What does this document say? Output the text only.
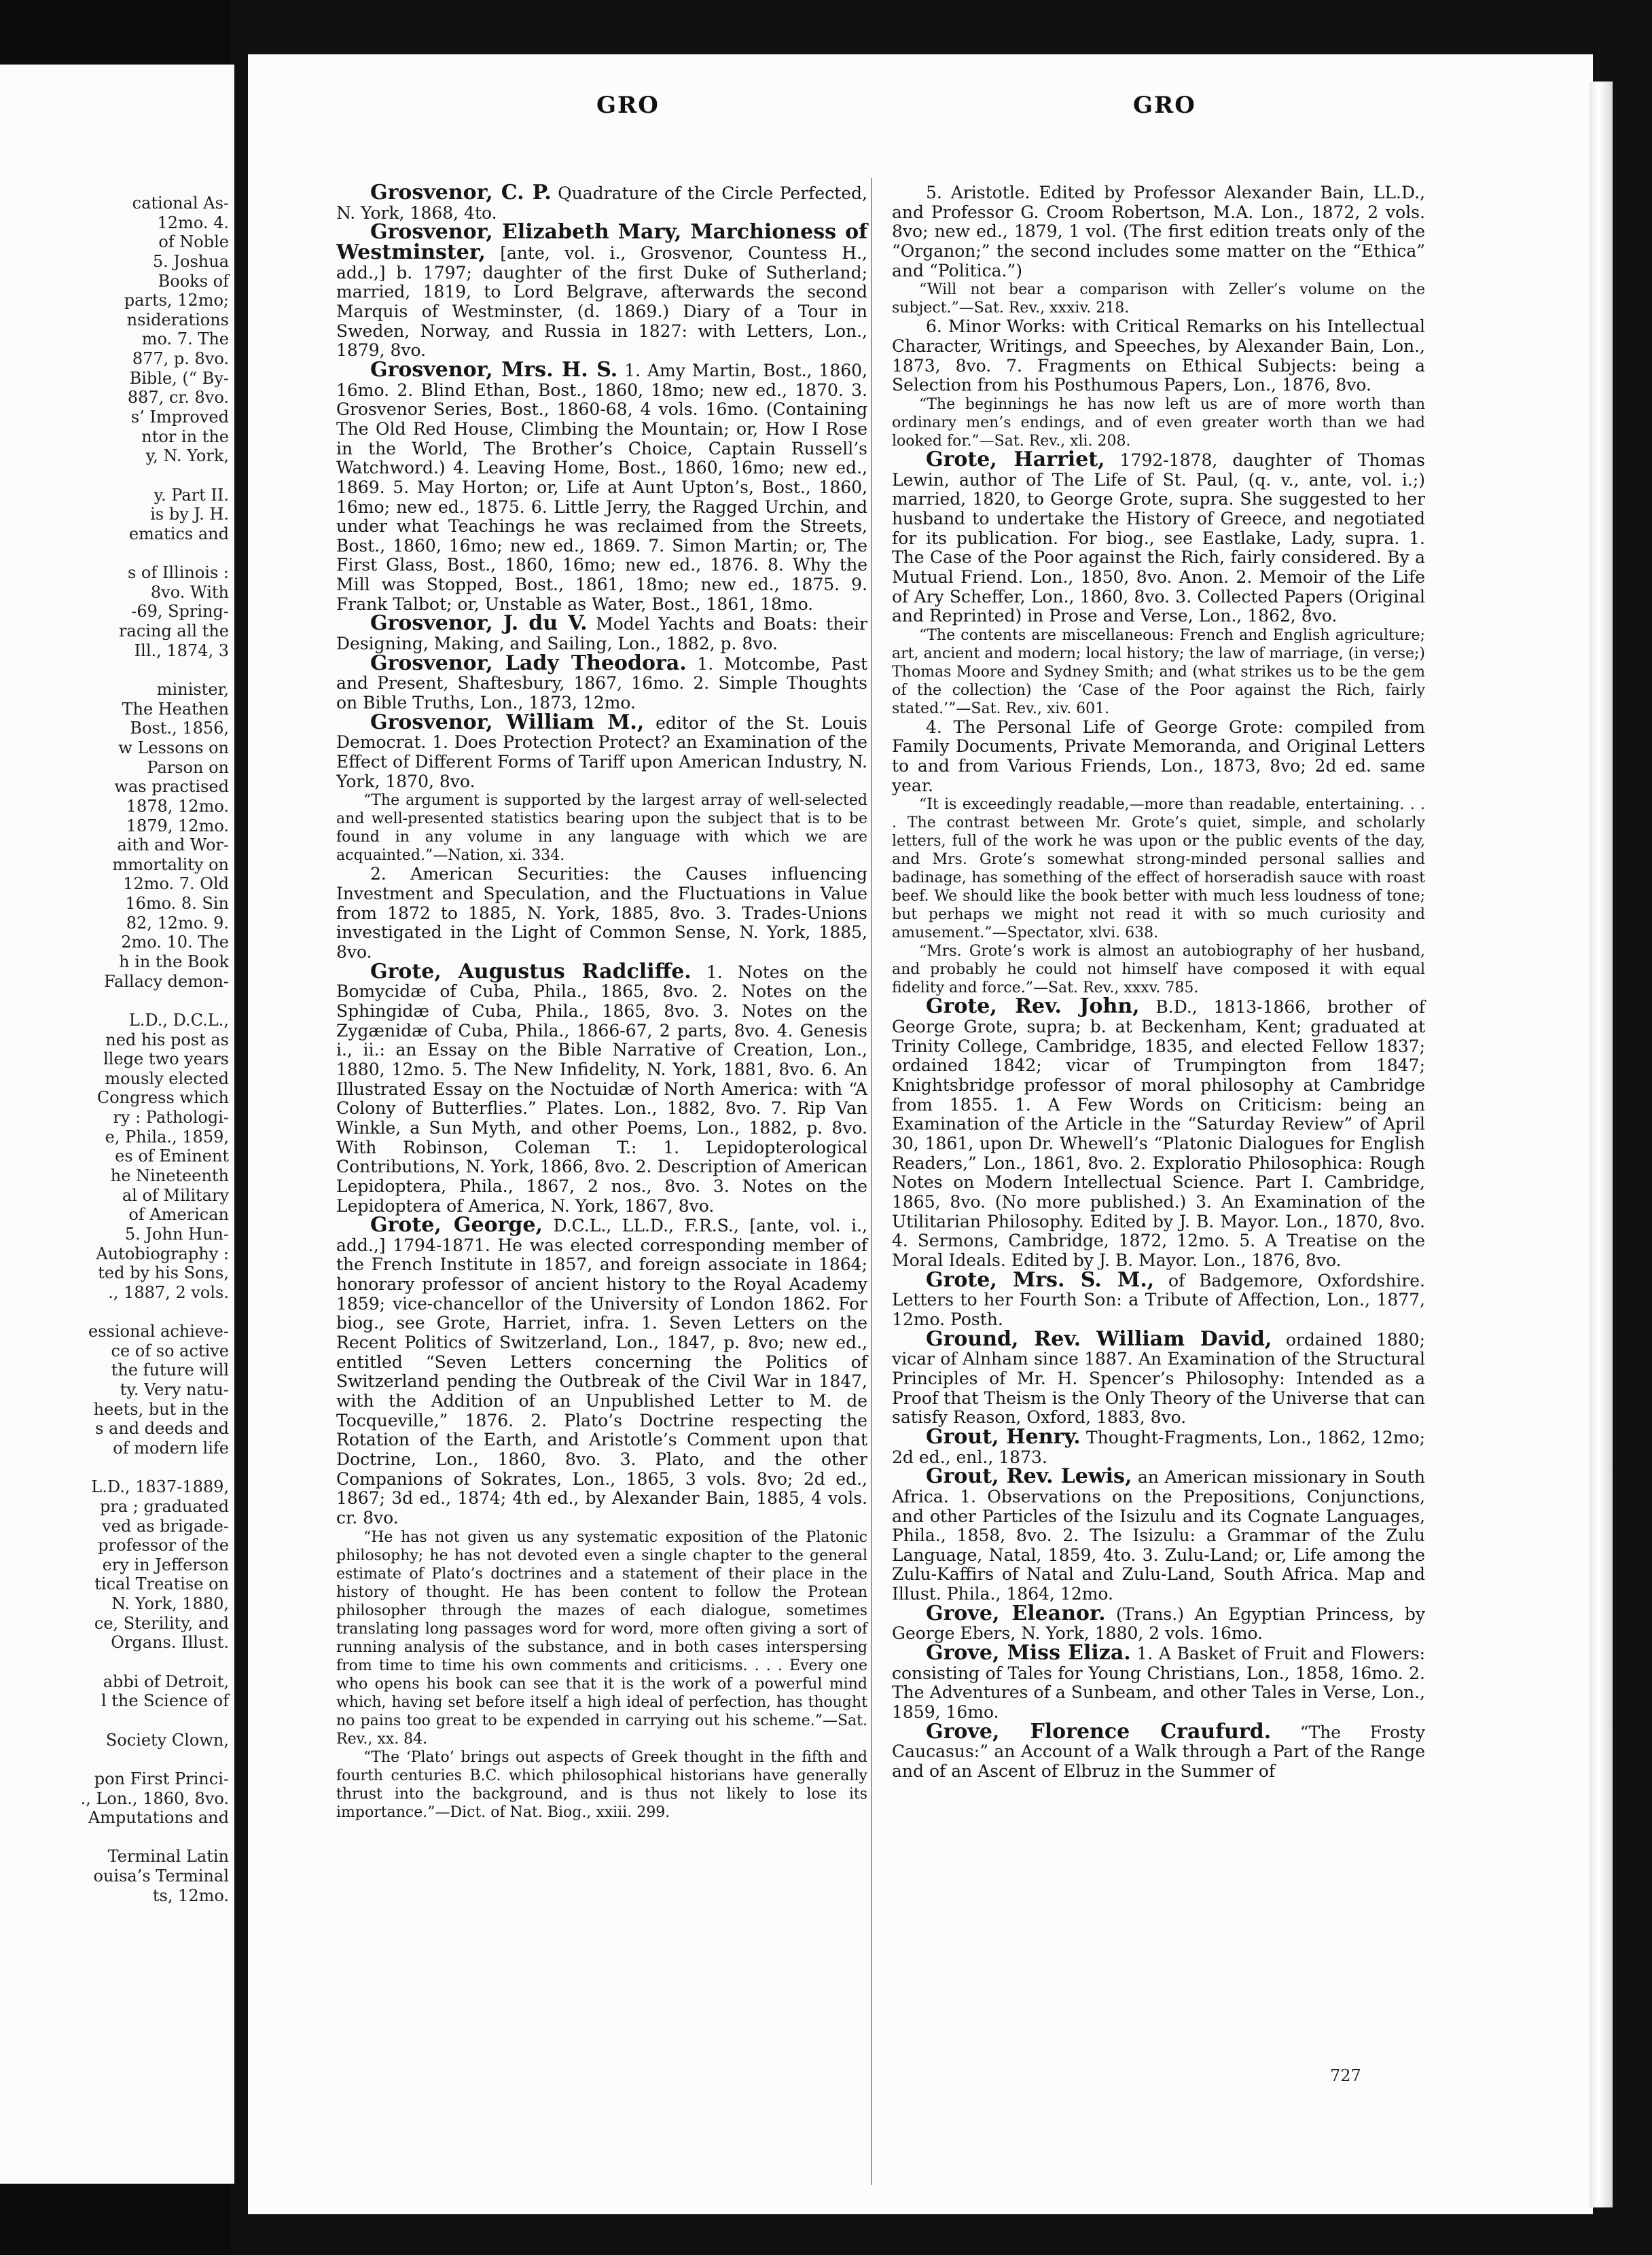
cational As-
12mo. 4.
of Noble
5. Joshua
Books of
parts, 12mo;
nsiderations
mo. 7. The
877, p. 8vo.
Bible, (“ By-
887, cr. 8vo.
s’ Improved
ntor in the
y, N. York,
y. Part II.
is by J. H.
ematics and
s of Illinois :
8vo. With
-69, Spring-
racing all the
Ill., 1874, 3
minister,
The Heathen
Bost., 1856,
w Lessons on
Parson on
was practised
1878, 12mo.
1879, 12mo.
aith and Wor-
mmortality on
12mo. 7. Old
16mo. 8. Sin
82, 12mo. 9.
2mo. 10. The
h in the Book
Fallacy demon-
L.D., D.C.L.,
ned his post as
llege two years
mously elected
Congress which
ry : Pathologi-
e, Phila., 1859,
es of Eminent
he Nineteenth
al of Military
of American
5. John Hun-
Autobiography :
ted by his Sons,
., 1887, 2 vols.
essional achieve-
ce of so active
the future will
ty. Very natu-
heets, but in the
s and deeds and
of modern life
L.D., 1837-1889,
pra ; graduated
ved as brigade-
professor of the
ery in Jefferson
tical Treatise on
N. York, 1880,
ce, Sterility, and
Organs. Illust.
abbi of Detroit,
l the Science of
Society Clown,
pon First Princi-
., Lon., 1860, 8vo.
Amputations and
Terminal Latin
ouisa’s Terminal
ts, 12mo.
GRO	GRO

Grosvenor, C. P. Quadrature of the Circle Perfected, N. York, 1868, 4to.

Grosvenor, Elizabeth Mary, Marchioness of Westminster, [ante, vol. i., Grosvenor, Countess H., add.,] b. 1797; daughter of the first Duke of Sutherland; married, 1819, to Lord Belgrave, afterwards the second Marquis of Westminster, (d. 1869.) Diary of a Tour in Sweden, Norway, and Russia in 1827: with Letters, Lon., 1879, 8vo.

Grosvenor, Mrs. H. S. 1. Amy Martin, Bost., 1860, 16mo. 2. Blind Ethan, Bost., 1860, 18mo; new ed., 1870. 3. Grosvenor Series, Bost., 1860-68, 4 vols. 16mo. (Containing The Old Red House, Climbing the Mountain; or, How I Rose in the World, The Brother’s Choice, Captain Russell’s Watchword.) 4. Leaving Home, Bost., 1860, 16mo; new ed., 1869. 5. May Horton; or, Life at Aunt Upton’s, Bost., 1860, 16mo; new ed., 1875. 6. Little Jerry, the Ragged Urchin, and under what Teachings he was reclaimed from the Streets, Bost., 1860, 16mo; new ed., 1869. 7. Simon Martin; or, The First Glass, Bost., 1860, 16mo; new ed., 1876. 8. Why the Mill was Stopped, Bost., 1861, 18mo; new ed., 1875. 9. Frank Talbot; or, Unstable as Water, Bost., 1861, 18mo.

Grosvenor, J. du V. Model Yachts and Boats: their Designing, Making, and Sailing, Lon., 1882, p. 8vo.

Grosvenor, Lady Theodora. 1. Motcombe, Past and Present, Shaftesbury, 1867, 16mo. 2. Simple Thoughts on Bible Truths, Lon., 1873, 12mo.

Grosvenor, William M., editor of the St. Louis Democrat. 1. Does Protection Protect? an Examination of the Effect of Different Forms of Tariff upon American Industry, N. York, 1870, 8vo.

“The argument is supported by the largest array of well-selected and well-presented statistics bearing upon the subject that is to be found in any volume in any language with which we are acquainted.”—Nation, xi. 334.

2. American Securities: the Causes influencing Investment and Speculation, and the Fluctuations in Value from 1872 to 1885, N. York, 1885, 8vo. 3. Trades-Unions investigated in the Light of Common Sense, N. York, 1885, 8vo.

Grote, Augustus Radcliffe. 1. Notes on the Bomycidæ of Cuba, Phila., 1865, 8vo. 2. Notes on the Sphingidæ of Cuba, Phila., 1865, 8vo. 3. Notes on the Zygænidæ of Cuba, Phila., 1866-67, 2 parts, 8vo. 4. Genesis i., ii.: an Essay on the Bible Narrative of Creation, Lon., 1880, 12mo. 5. The New Infidelity, N. York, 1881, 8vo. 6. An Illustrated Essay on the Noctuidæ of North America: with “A Colony of Butterflies.” Plates. Lon., 1882, 8vo. 7. Rip Van Winkle, a Sun Myth, and other Poems, Lon., 1882, p. 8vo. With Robinson, Coleman T.: 1. Lepidopterological Contributions, N. York, 1866, 8vo. 2. Description of American Lepidoptera, Phila., 1867, 2 nos., 8vo. 3. Notes on the Lepidoptera of America, N. York, 1867, 8vo.

Grote, George, D.C.L., LL.D., F.R.S., [ante, vol. i., add.,] 1794-1871. He was elected corresponding member of the French Institute in 1857, and foreign associate in 1864; honorary professor of ancient history to the Royal Academy 1859; vice-chancellor of the University of London 1862. For biog., see Grote, Harriet, infra. 1. Seven Letters on the Recent Politics of Switzerland, Lon., 1847, p. 8vo; new ed., entitled “Seven Letters concerning the Politics of Switzerland pending the Outbreak of the Civil War in 1847, with the Addition of an Unpublished Letter to M. de Tocqueville,” 1876. 2. Plato’s Doctrine respecting the Rotation of the Earth, and Aristotle’s Comment upon that Doctrine, Lon., 1860, 8vo. 3. Plato, and the other Companions of Sokrates, Lon., 1865, 3 vols. 8vo; 2d ed., 1867; 3d ed., 1874; 4th ed., by Alexander Bain, 1885, 4 vols. cr. 8vo.

“He has not given us any systematic exposition of the Platonic philosophy; he has not devoted even a single chapter to the general estimate of Plato’s doctrines and a statement of their place in the history of thought. He has been content to follow the Protean philosopher through the mazes of each dialogue, sometimes translating long passages word for word, more often giving a sort of running analysis of the substance, and in both cases interspersing from time to time his own comments and criticisms. . . . Every one who opens his book can see that it is the work of a powerful mind which, having set before itself a high ideal of perfection, has thought no pains too great to be expended in carrying out his scheme.”—Sat. Rev., xx. 84.

“The ‘Plato’ brings out aspects of Greek thought in the fifth and fourth centuries B.C. which philosophical historians have generally thrust into the background, and is thus not likely to lose its importance.”—Dict. of Nat. Biog., xxiii. 299.

5. Aristotle. Edited by Professor Alexander Bain, LL.D., and Professor G. Croom Robertson, M.A. Lon., 1872, 2 vols. 8vo; new ed., 1879, 1 vol. (The first edition treats only of the “Organon;” the second includes some matter on the “Ethica” and “Politica.”)

“Will not bear a comparison with Zeller’s volume on the subject.”—Sat. Rev., xxxiv. 218.

6. Minor Works: with Critical Remarks on his Intellectual Character, Writings, and Speeches, by Alexander Bain, Lon., 1873, 8vo. 7. Fragments on Ethical Subjects: being a Selection from his Posthumous Papers, Lon., 1876, 8vo.

“The beginnings he has now left us are of more worth than ordinary men’s endings, and of even greater worth than we had looked for.”—Sat. Rev., xli. 208.

Grote, Harriet, 1792-1878, daughter of Thomas Lewin, author of The Life of St. Paul, (q. v., ante, vol. i.;) married, 1820, to George Grote, supra. She suggested to her husband to undertake the History of Greece, and negotiated for its publication. For biog., see Eastlake, Lady, supra. 1. The Case of the Poor against the Rich, fairly considered. By a Mutual Friend. Lon., 1850, 8vo. Anon. 2. Memoir of the Life of Ary Scheffer, Lon., 1860, 8vo. 3. Collected Papers (Original and Reprinted) in Prose and Verse, Lon., 1862, 8vo.

“The contents are miscellaneous: French and English agriculture; art, ancient and modern; local history; the law of marriage, (in verse;) Thomas Moore and Sydney Smith; and (what strikes us to be the gem of the collection) the ‘Case of the Poor against the Rich, fairly stated.’”—Sat. Rev., xiv. 601.

4. The Personal Life of George Grote: compiled from Family Documents, Private Memoranda, and Original Letters to and from Various Friends, Lon., 1873, 8vo; 2d ed. same year.

“It is exceedingly readable,—more than readable, entertaining. . . . The contrast between Mr. Grote’s quiet, simple, and scholarly letters, full of the work he was upon or the public events of the day, and Mrs. Grote’s somewhat strong-minded personal sallies and badinage, has something of the effect of horseradish sauce with roast beef. We should like the book better with much less loudness of tone; but perhaps we might not read it with so much curiosity and amusement.”—Spectator, xlvi. 638.

“Mrs. Grote’s work is almost an autobiography of her husband, and probably he could not himself have composed it with equal fidelity and force.”—Sat. Rev., xxxv. 785.

Grote, Rev. John, B.D., 1813-1866, brother of George Grote, supra; b. at Beckenham, Kent; graduated at Trinity College, Cambridge, 1835, and elected Fellow 1837; ordained 1842; vicar of Trumpington from 1847; Knightsbridge professor of moral philosophy at Cambridge from 1855. 1. A Few Words on Criticism: being an Examination of the Article in the “Saturday Review” of April 30, 1861, upon Dr. Whewell’s “Platonic Dialogues for English Readers,” Lon., 1861, 8vo. 2. Exploratio Philosophica: Rough Notes on Modern Intellectual Science. Part I. Cambridge, 1865, 8vo. (No more published.) 3. An Examination of the Utilitarian Philosophy. Edited by J. B. Mayor. Lon., 1870, 8vo. 4. Sermons, Cambridge, 1872, 12mo. 5. A Treatise on the Moral Ideals. Edited by J. B. Mayor. Lon., 1876, 8vo.

Grote, Mrs. S. M., of Badgemore, Oxfordshire. Letters to her Fourth Son: a Tribute of Affection, Lon., 1877, 12mo. Posth.

Ground, Rev. William David, ordained 1880; vicar of Alnham since 1887. An Examination of the Structural Principles of Mr. H. Spencer’s Philosophy: Intended as a Proof that Theism is the Only Theory of the Universe that can satisfy Reason, Oxford, 1883, 8vo.

Grout, Henry. Thought-Fragments, Lon., 1862, 12mo; 2d ed., enl., 1873.

Grout, Rev. Lewis, an American missionary in South Africa. 1. Observations on the Prepositions, Conjunctions, and other Particles of the Isizulu and its Cognate Languages, Phila., 1858, 8vo. 2. The Isizulu: a Grammar of the Zulu Language, Natal, 1859, 4to. 3. Zulu-Land; or, Life among the Zulu-Kaffirs of Natal and Zulu-Land, South Africa. Map and Illust. Phila., 1864, 12mo.

Grove, Eleanor. (Trans.) An Egyptian Princess, by George Ebers, N. York, 1880, 2 vols. 16mo.

Grove, Miss Eliza. 1. A Basket of Fruit and Flowers: consisting of Tales for Young Christians, Lon., 1858, 16mo. 2. The Adventures of a Sunbeam, and other Tales in Verse, Lon., 1859, 16mo.

Grove, Florence Craufurd. “The Frosty Caucasus:” an Account of a Walk through a Part of the Range and of an Ascent of Elbruz in the Summer of

727
